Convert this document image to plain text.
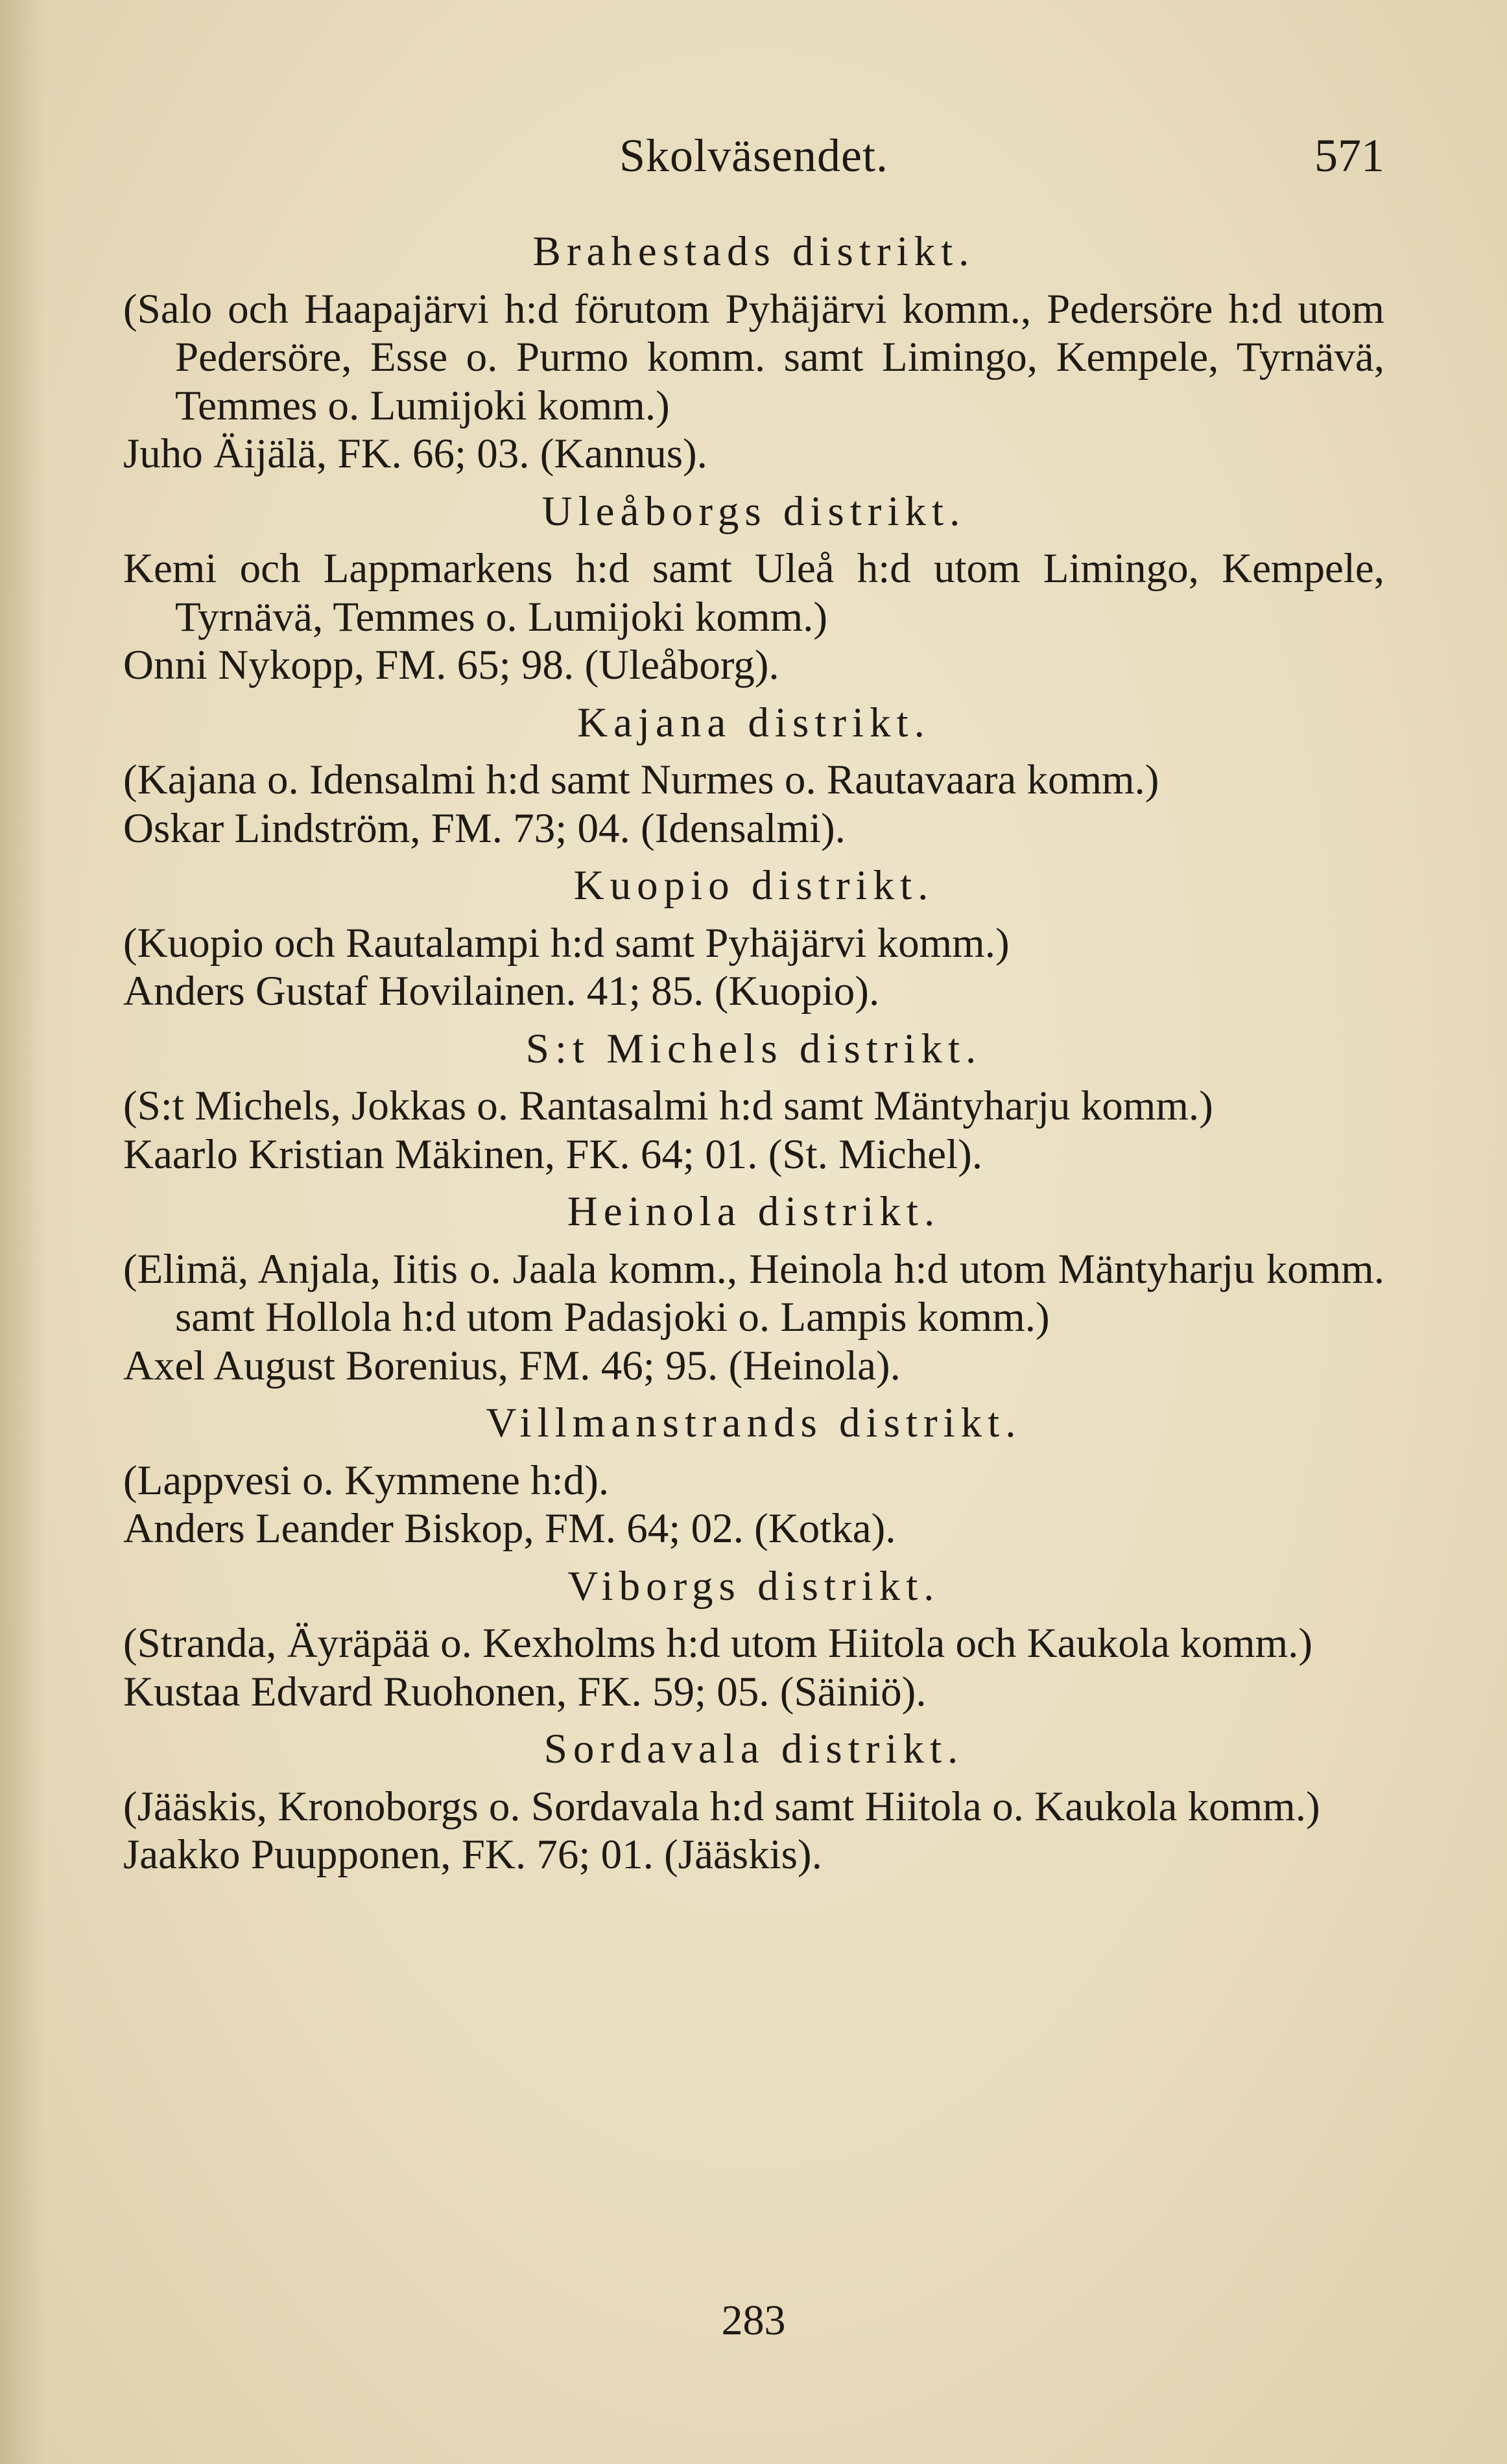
Skolväsendet.	571
Brahestads distrikt.
(Salo och Haapajärvi h:d förutom Pyhäjärvi komm., Pedersöre h:d utom Pedersöre, Esse o. Purmo komm. samt Limingo, Kempele, Tyrnävä, Temmes o. Lumijoki komm.)
Juho Äijälä, FK. 66; 03. (Kannus).
Uleåborgs distrikt.
Kemi och Lappmarkens h:d samt Uleå h:d utom Limingo, Kempele, Tyrnävä, Temmes o. Lumijoki komm.)
Onni Nykopp, FM. 65; 98. (Uleåborg).
Kajana distrikt.
(Kajana o. Idensalmi h:d samt Nurmes o. Rautavaara komm.)
Oskar Lindström, FM. 73; 04. (Idensalmi).
Kuopio distrikt.
(Kuopio och Rautalampi h:d samt Pyhäjärvi komm.)
Anders Gustaf Hovilainen. 41; 85. (Kuopio).
S:t Michels distrikt.
(S:t Michels, Jokkas o. Rantasalmi h:d samt Mäntyharju komm.)
Kaarlo Kristian Mäkinen, FK. 64; 01. (St. Michel).
Heinola distrikt.
(Elimä, Anjala, Iitis o. Jaala komm., Heinola h:d utom Mäntyharju komm. samt Hollola h:d utom Padasjoki o. Lampis komm.)
Axel August Borenius, FM. 46; 95. (Heinola).
Villmanstrands distrikt.
(Lappvesi o. Kymmene h:d).
Anders Leander Biskop, FM. 64; 02. (Kotka).
Viborgs distrikt.
(Stranda, Äyräpää o. Kexholms h:d utom Hiitola och Kaukola komm.)
Kustaa Edvard Ruohonen, FK. 59; 05. (Säiniö).
Sordavala distrikt.
(Jääskis, Kronoborgs o. Sordavala h:d samt Hiitola o. Kaukola komm.)
Jaakko Puupponen, FK. 76; 01. (Jääskis).
283
